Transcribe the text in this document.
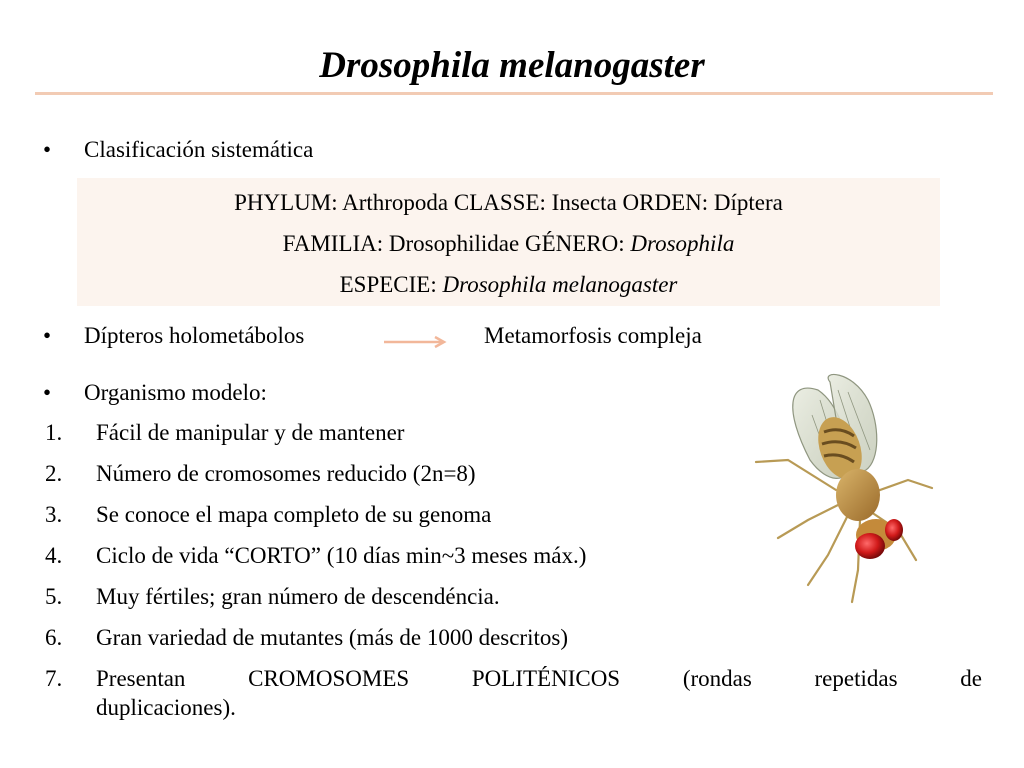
Drosophila melanogaster
• Clasificación sistemática
PHYLUM: Arthropoda CLASSE: Insecta ORDEN: Díptera
FAMILIA: Drosophilidae GÉNERO: Drosophila
ESPECIE: Drosophila melanogaster
• Dípteros holometábolos	Metamorfosis compleja
• Organismo modelo:
1.	Fácil de manipular y de mantener
2.	Número de cromosomes reducido (2n=8)
3.	Se conoce el mapa completo de su genoma
4.	Ciclo de vida “CORTO” (10 días min~3 meses máx.)
5.	Muy fértiles; gran número de descendéncia.
6.	Gran variedad de mutantes (más de 1000 descritos)
7.	Presentan	CROMOSOMES	POLITÉNICOS	(rondas	repetidas	de
duplicaciones).
